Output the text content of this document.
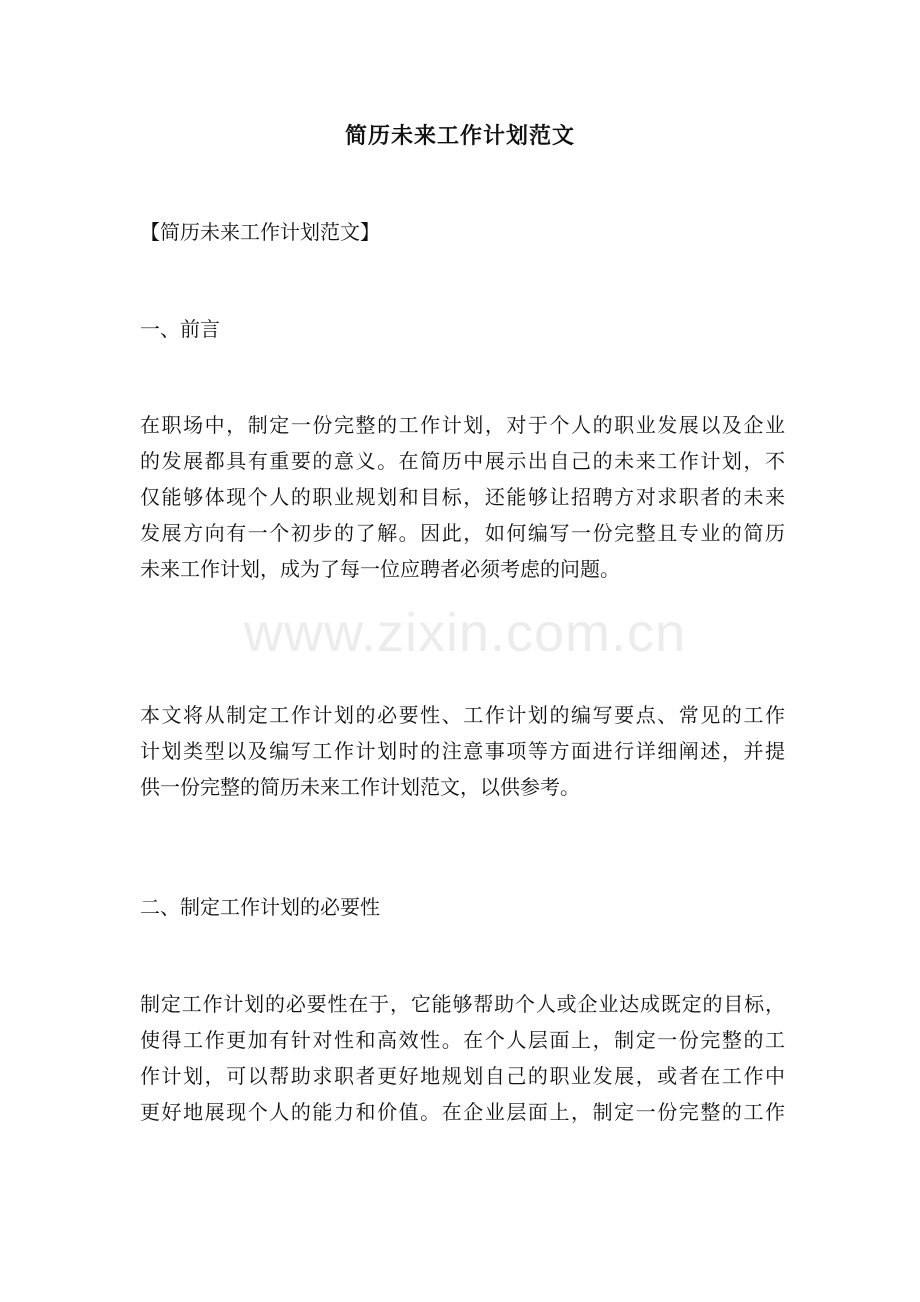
简历未来工作计划范文
【简历未来工作计划范文】
一、前言
在职场中，制定一份完整的工作计划，对于个人的职业发展以及企业
的发展都具有重要的意义。在简历中展示出自己的未来工作计划，不
仅能够体现个人的职业规划和目标，还能够让招聘方对求职者的未来
发展方向有一个初步的了解。因此，如何编写一份完整且专业的简历
未来工作计划，成为了每一位应聘者必须考虑的问题。
本文将从制定工作计划的必要性、工作计划的编写要点、常见的工作
计划类型以及编写工作计划时的注意事项等方面进行详细阐述，并提
供一份完整的简历未来工作计划范文，以供参考。
二、制定工作计划的必要性
制定工作计划的必要性在于，它能够帮助个人或企业达成既定的目标，
使得工作更加有针对性和高效性。在个人层面上，制定一份完整的工
作计划，可以帮助求职者更好地规划自己的职业发展，或者在工作中
更好地展现个人的能力和价值。在企业层面上，制定一份完整的工作
www.zixin.com.cn
